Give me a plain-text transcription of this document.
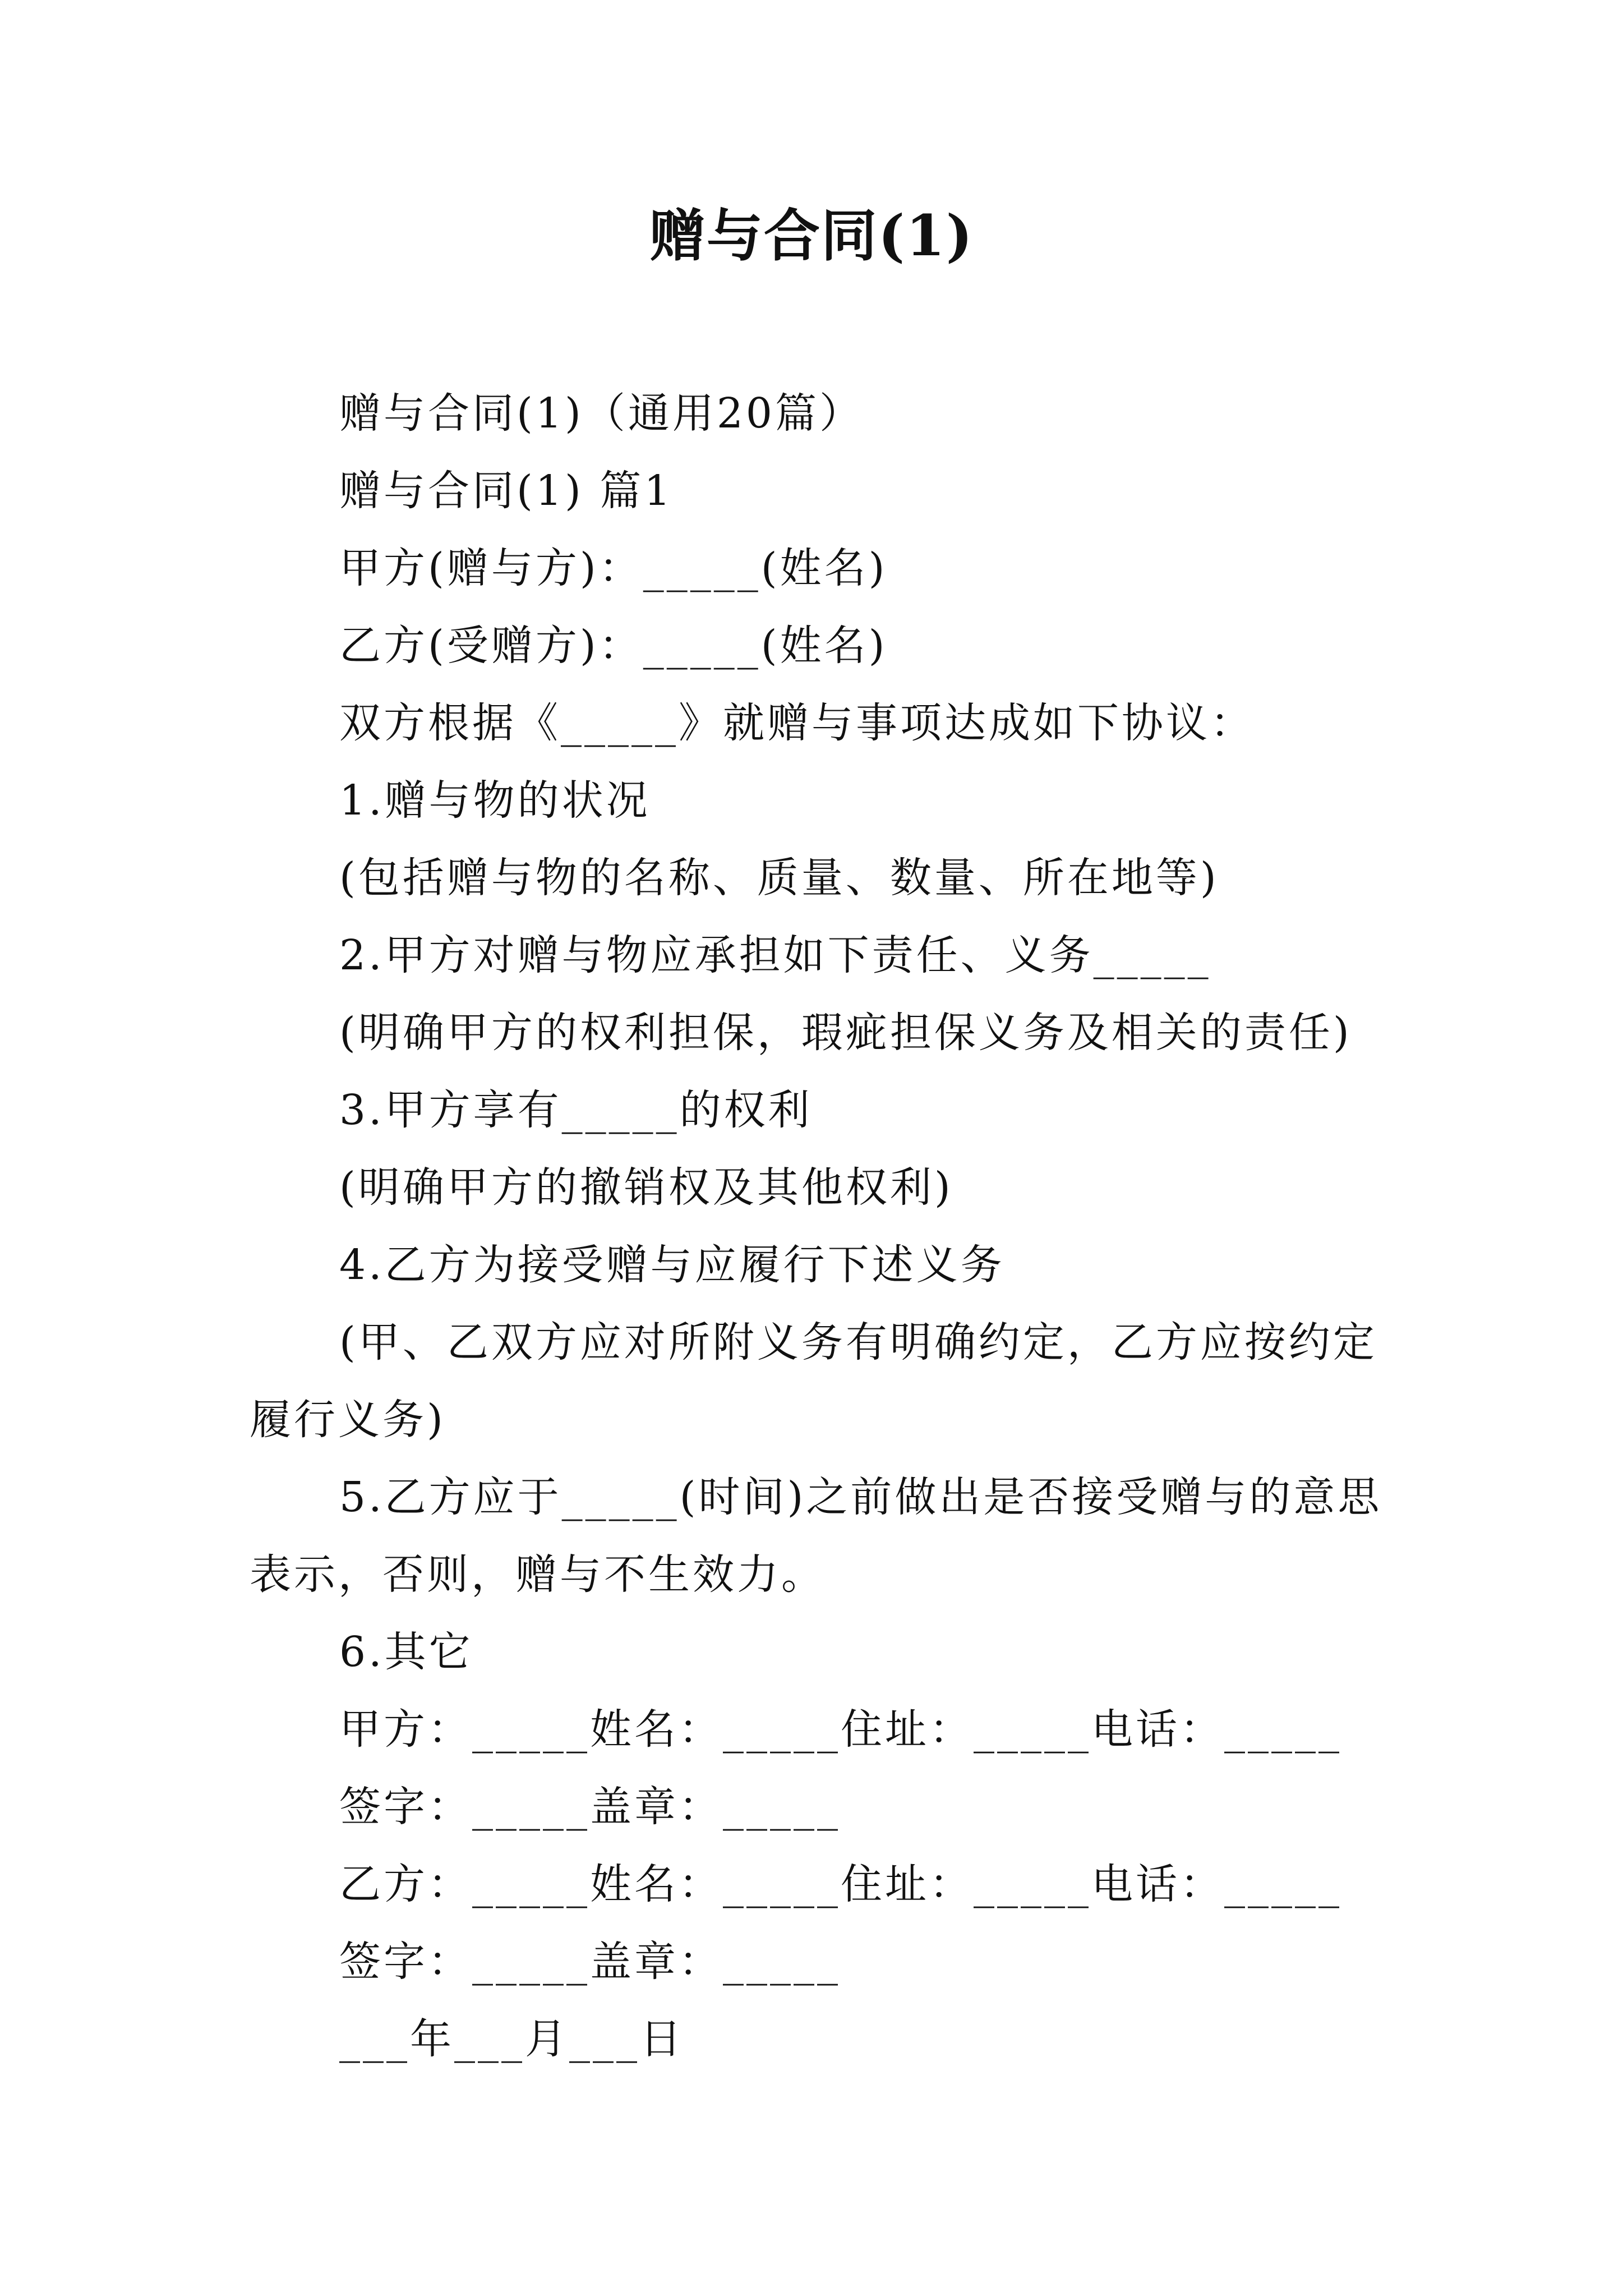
赠与合同(1)

赠与合同(1)（通用20篇）

赠与合同(1) 篇1

甲方(赠与方)：_____(姓名)

乙方(受赠方)：_____(姓名)

双方根据《_____》就赠与事项达成如下协议：

1.赠与物的状况

(包括赠与物的名称、质量、数量、所在地等)

2.甲方对赠与物应承担如下责任、义务_____

(明确甲方的权利担保，瑕疵担保义务及相关的责任)

3.甲方享有_____的权利

(明确甲方的撤销权及其他权利)

4.乙方为接受赠与应履行下述义务

(甲、乙双方应对所附义务有明确约定，乙方应按约定履行义务)

5.乙方应于_____(时间)之前做出是否接受赠与的意思表示，否则，赠与不生效力。

6.其它

甲方：_____姓名：_____住址：_____电话：_____

签字：_____盖章：_____

乙方：_____姓名：_____住址：_____电话：_____

签字：_____盖章：_____

___年___月___日
